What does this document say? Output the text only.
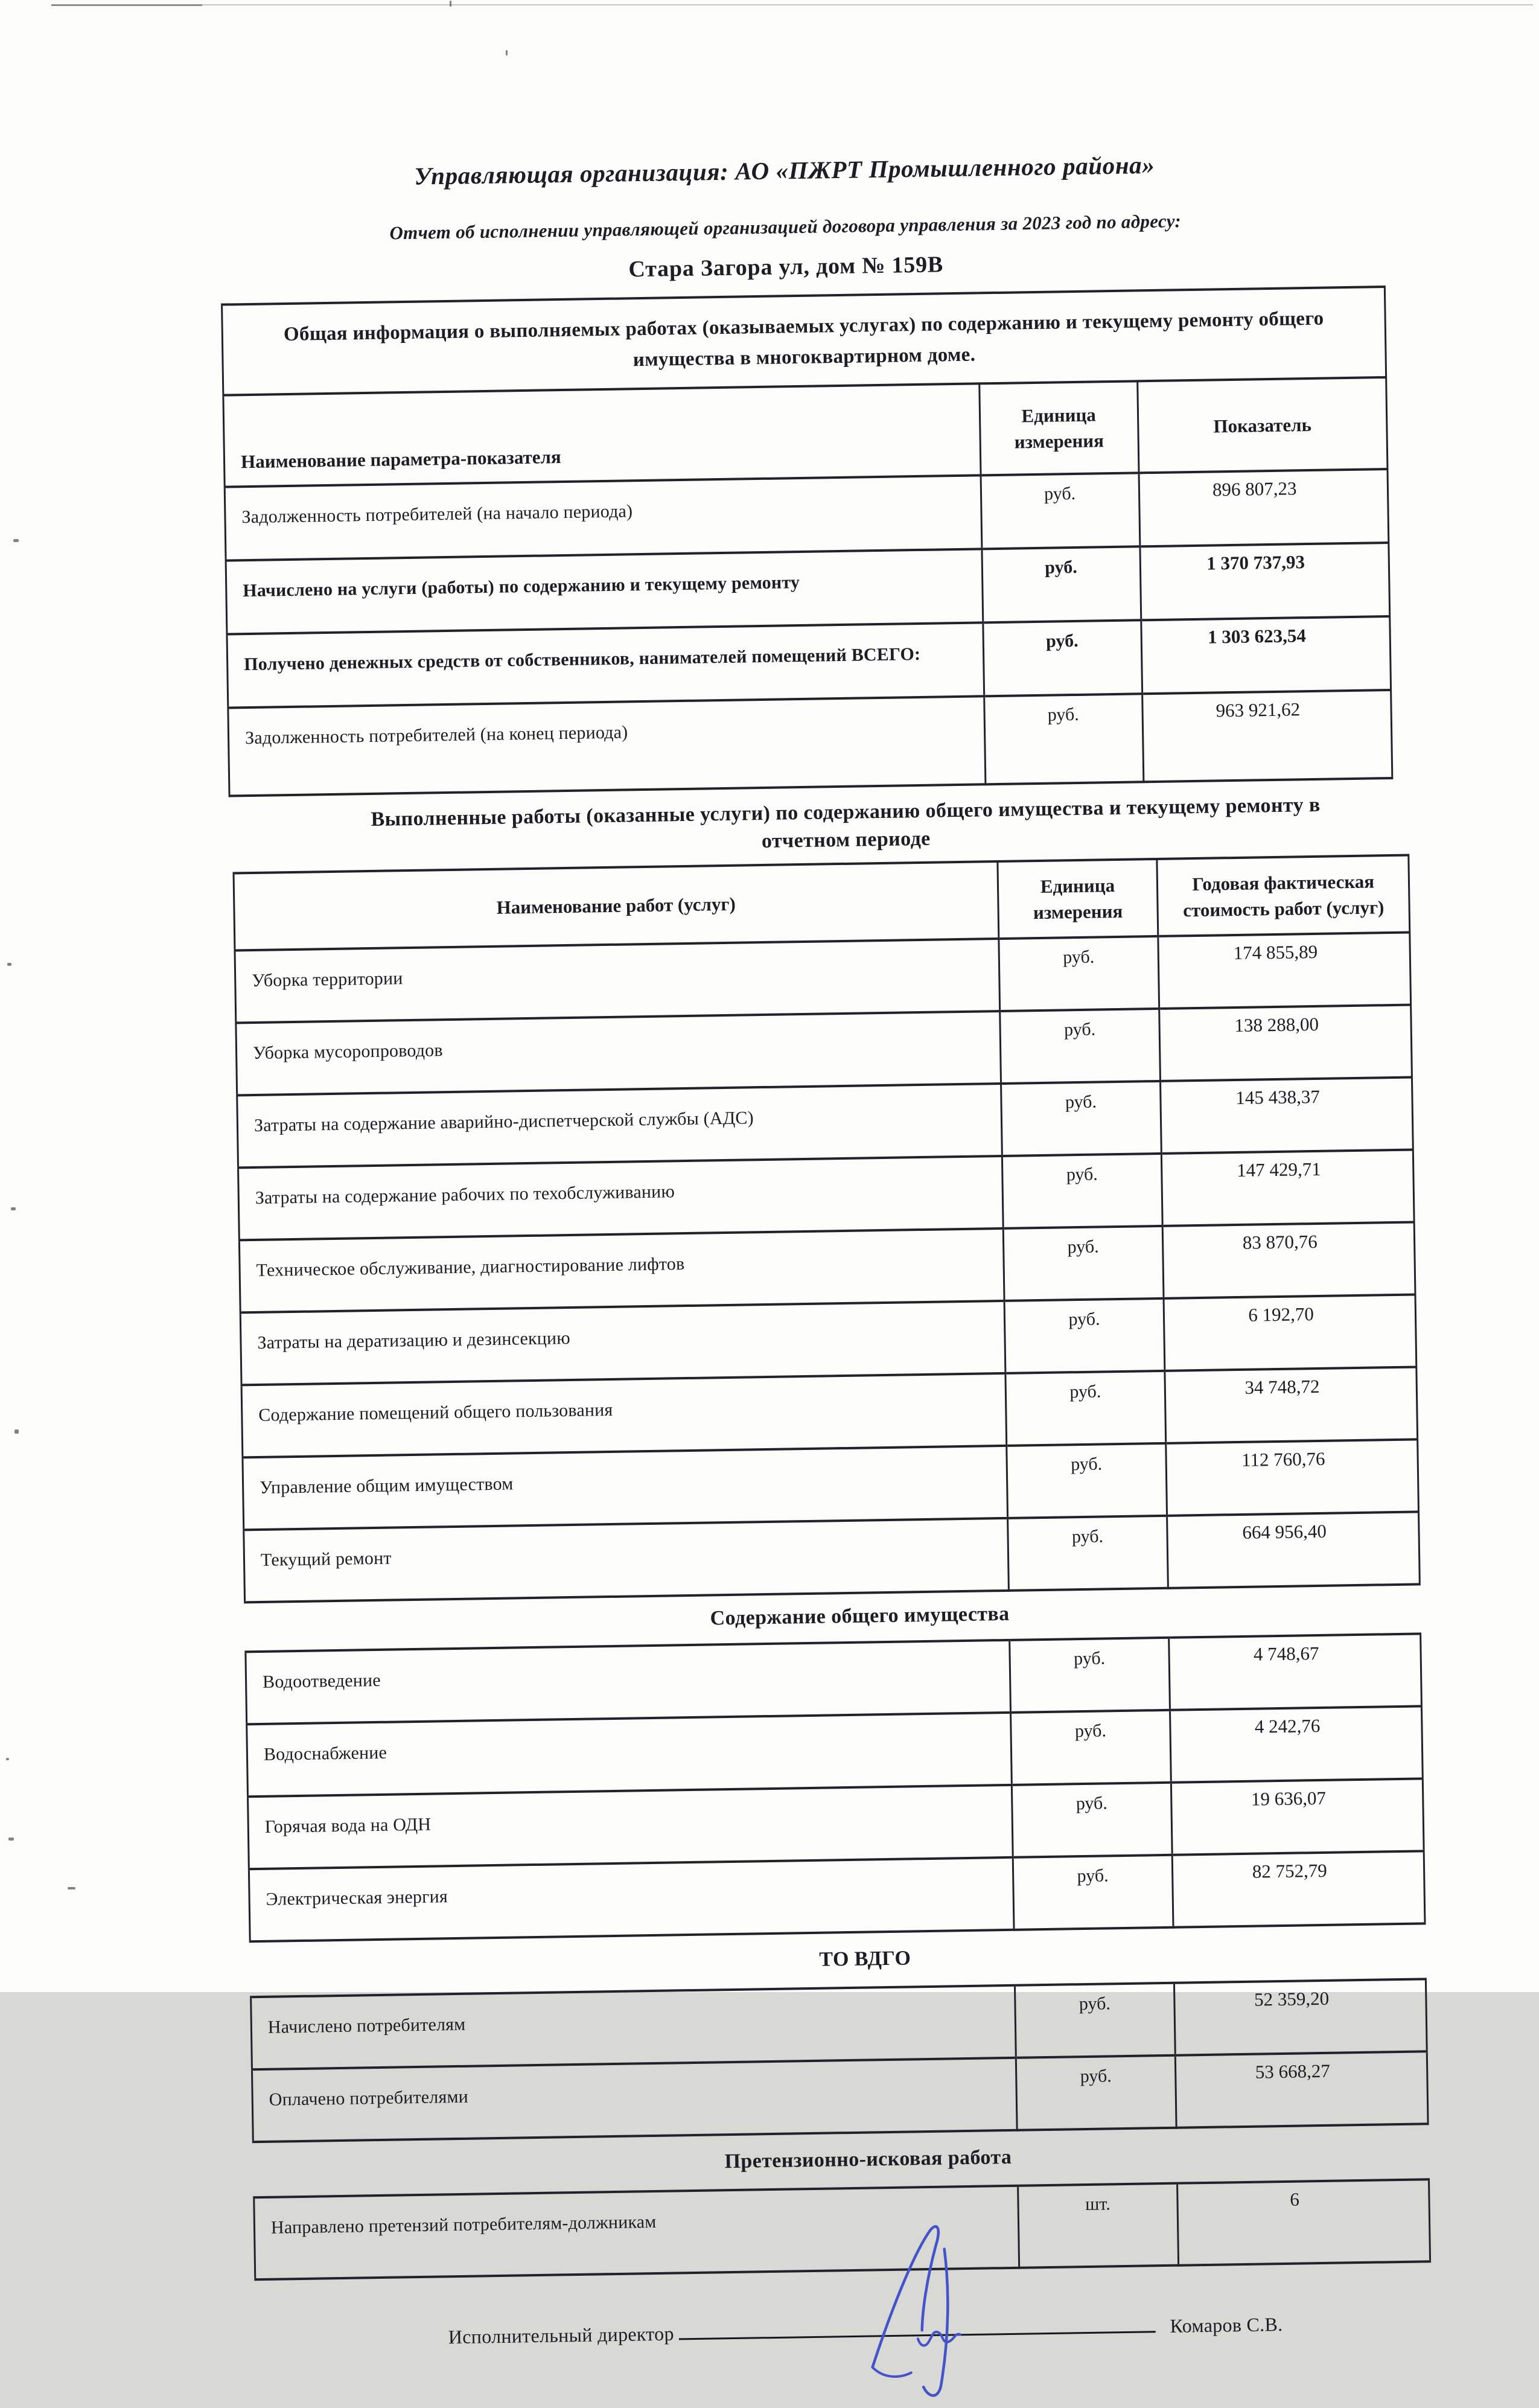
Управляющая организация: АО «ПЖРТ Промышленного района»
Отчет об исполнении управляющей организацией договора управления за 2023 год по адресу:
Стара Загора ул, дом № 159В
Общая информация о выполняемых работах (оказываемых услугах) по содержанию и текущему ремонту общего имущества в многоквартирном доме.		
Наименование параметра-показателя	Единица измерения	Показатель
Задолженность потребителей (на начало периода)	руб.	896 807,23
Начислено на услуги (работы) по содержанию и текущему ремонту	руб.	1 370 737,93
Получено денежных средств от собственников, нанимателей помещений ВСЕГО:	руб.	1 303 623,54
Задолженность потребителей (на конец периода)	руб.	963 921,62
Выполненные работы (оказанные услуги) по содержанию общего имущества и текущему ремонту в отчетном периоде
Наименование работ (услуг)	Единица измерения	Годовая фактическая стоимость работ (услуг)
Уборка территории	руб.	174 855,89
Уборка мусоропроводов	руб.	138 288,00
Затраты на содержание аварийно-диспетчерской службы (АДС)	руб.	145 438,37
Затраты на содержание рабочих по техобслуживанию	руб.	147 429,71
Техническое обслуживание, диагностирование лифтов	руб.	83 870,76
Затраты на дератизацию и дезинсекцию	руб.	6 192,70
Содержание помещений общего пользования	руб.	34 748,72
Управление общим имуществом	руб.	112 760,76
Текущий ремонт	руб.	664 956,40
Содержание общего имущества
Водоотведение	руб.	4 748,67
Водоснабжение	руб.	4 242,76
Горячая вода на ОДН	руб.	19 636,07
Электрическая энергия	руб.	82 752,79
ТО ВДГО
Начислено потребителям	руб.	52 359,20
Оплачено потребителями	руб.	53 668,27
Претензионно-исковая работа
Направлено претензий потребителям-должникам	шт.	6
Исполнительный директор	Комаров С.В.
